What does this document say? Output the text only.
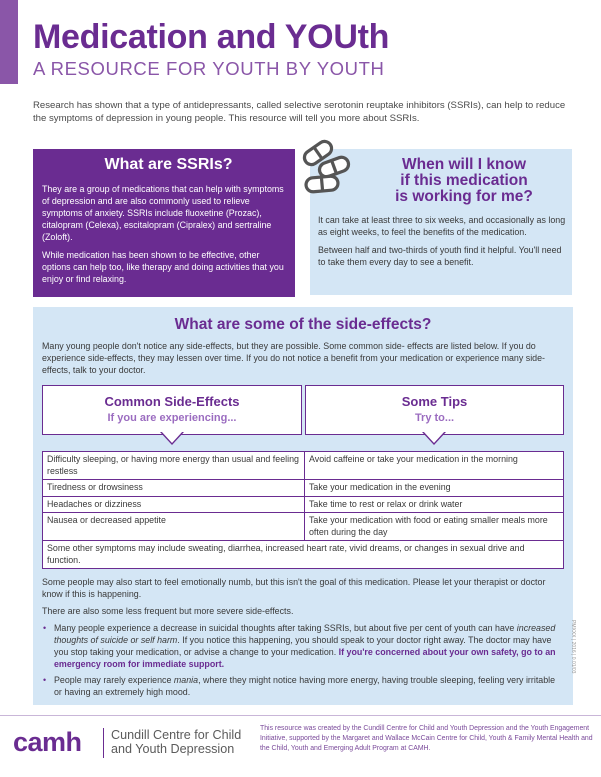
Medication and YOUth
A RESOURCE FOR YOUTH BY YOUTH

Research has shown that a type of antidepressants, called selective serotonin reuptake inhibitors (SSRIs), can help to reduce the symptoms of depression in young people. This resource will tell you more about SSRIs.

What are SSRIs?

They are a group of medications that can help with symptoms of depression and are also commonly used to relieve symptoms of anxiety. SSRIs include fluoxetine (Prozac), citalopram (Celexa), escitalopram (Cipralex) and sertraline (Zoloft).

While medication has been shown to be effective, other options can help too, like therapy and doing activities that you enjoy or find relaxing.

When will I know
if this medication
is working for me?

It can take at least three to six weeks, and occasionally as long as eight weeks, to feel the benefits of the medication.

Between half and two-thirds of youth find it helpful. You'll need to take them every day to see a benefit.

What are some of the side-effects?

Many young people don't notice any side-effects, but they are possible. Some common side- effects are listed below. If you do experience side-effects, they may lessen over time. If you do not notice a benefit from your medication or experience many side-effects, talk to your doctor.

Common Side-Effects
If you are experiencing...
Some Tips
Try to...
Difficulty sleeping, or having more energy than usual and feeling restless	Avoid caffeine or take your medication in the morning
Tiredness or drowsiness	Take your medication in the evening
Headaches or dizziness	Take time to rest or relax or drink water
Nausea or decreased appetite	Take your medication with food or eating smaller meals more often during the day
Some other symptoms may include sweating, diarrhea, increased heart rate, vivid dreams, or changes in sexual drive and function.	

Some people may also start to feel emotionally numb, but this isn't the goal of this medication. Please let your therapist or doctor know if this is happening.

There are also some less frequent but more severe side-effects.

• Many people experience a decrease in suicidal thoughts after taking SSRIs, but about five per cent of youth can have increased thoughts of suicide or self harm. If you notice this happening, you should speak to your doctor right away. The doctor may have you stop taking your medication, or advise a change to your medication. If you're concerned about your own safety, go to an emergency room for immediate support.
• People may rarely experience mania, where they might notice having more energy, having trouble sleeping, feeling very irritable or having an extremely high mood.
PMXXX | 2016 | 0.01/03
camh Cundill Centre for Child
and Youth Depression

This resource was created by the Cundill Centre for Child and Youth Depression and the Youth Engagement Initiative, supported by the Margaret and Wallace McCain Centre for Child, Youth & Family Mental Health and the Child, Youth and Emerging Adult Program at CAMH.
